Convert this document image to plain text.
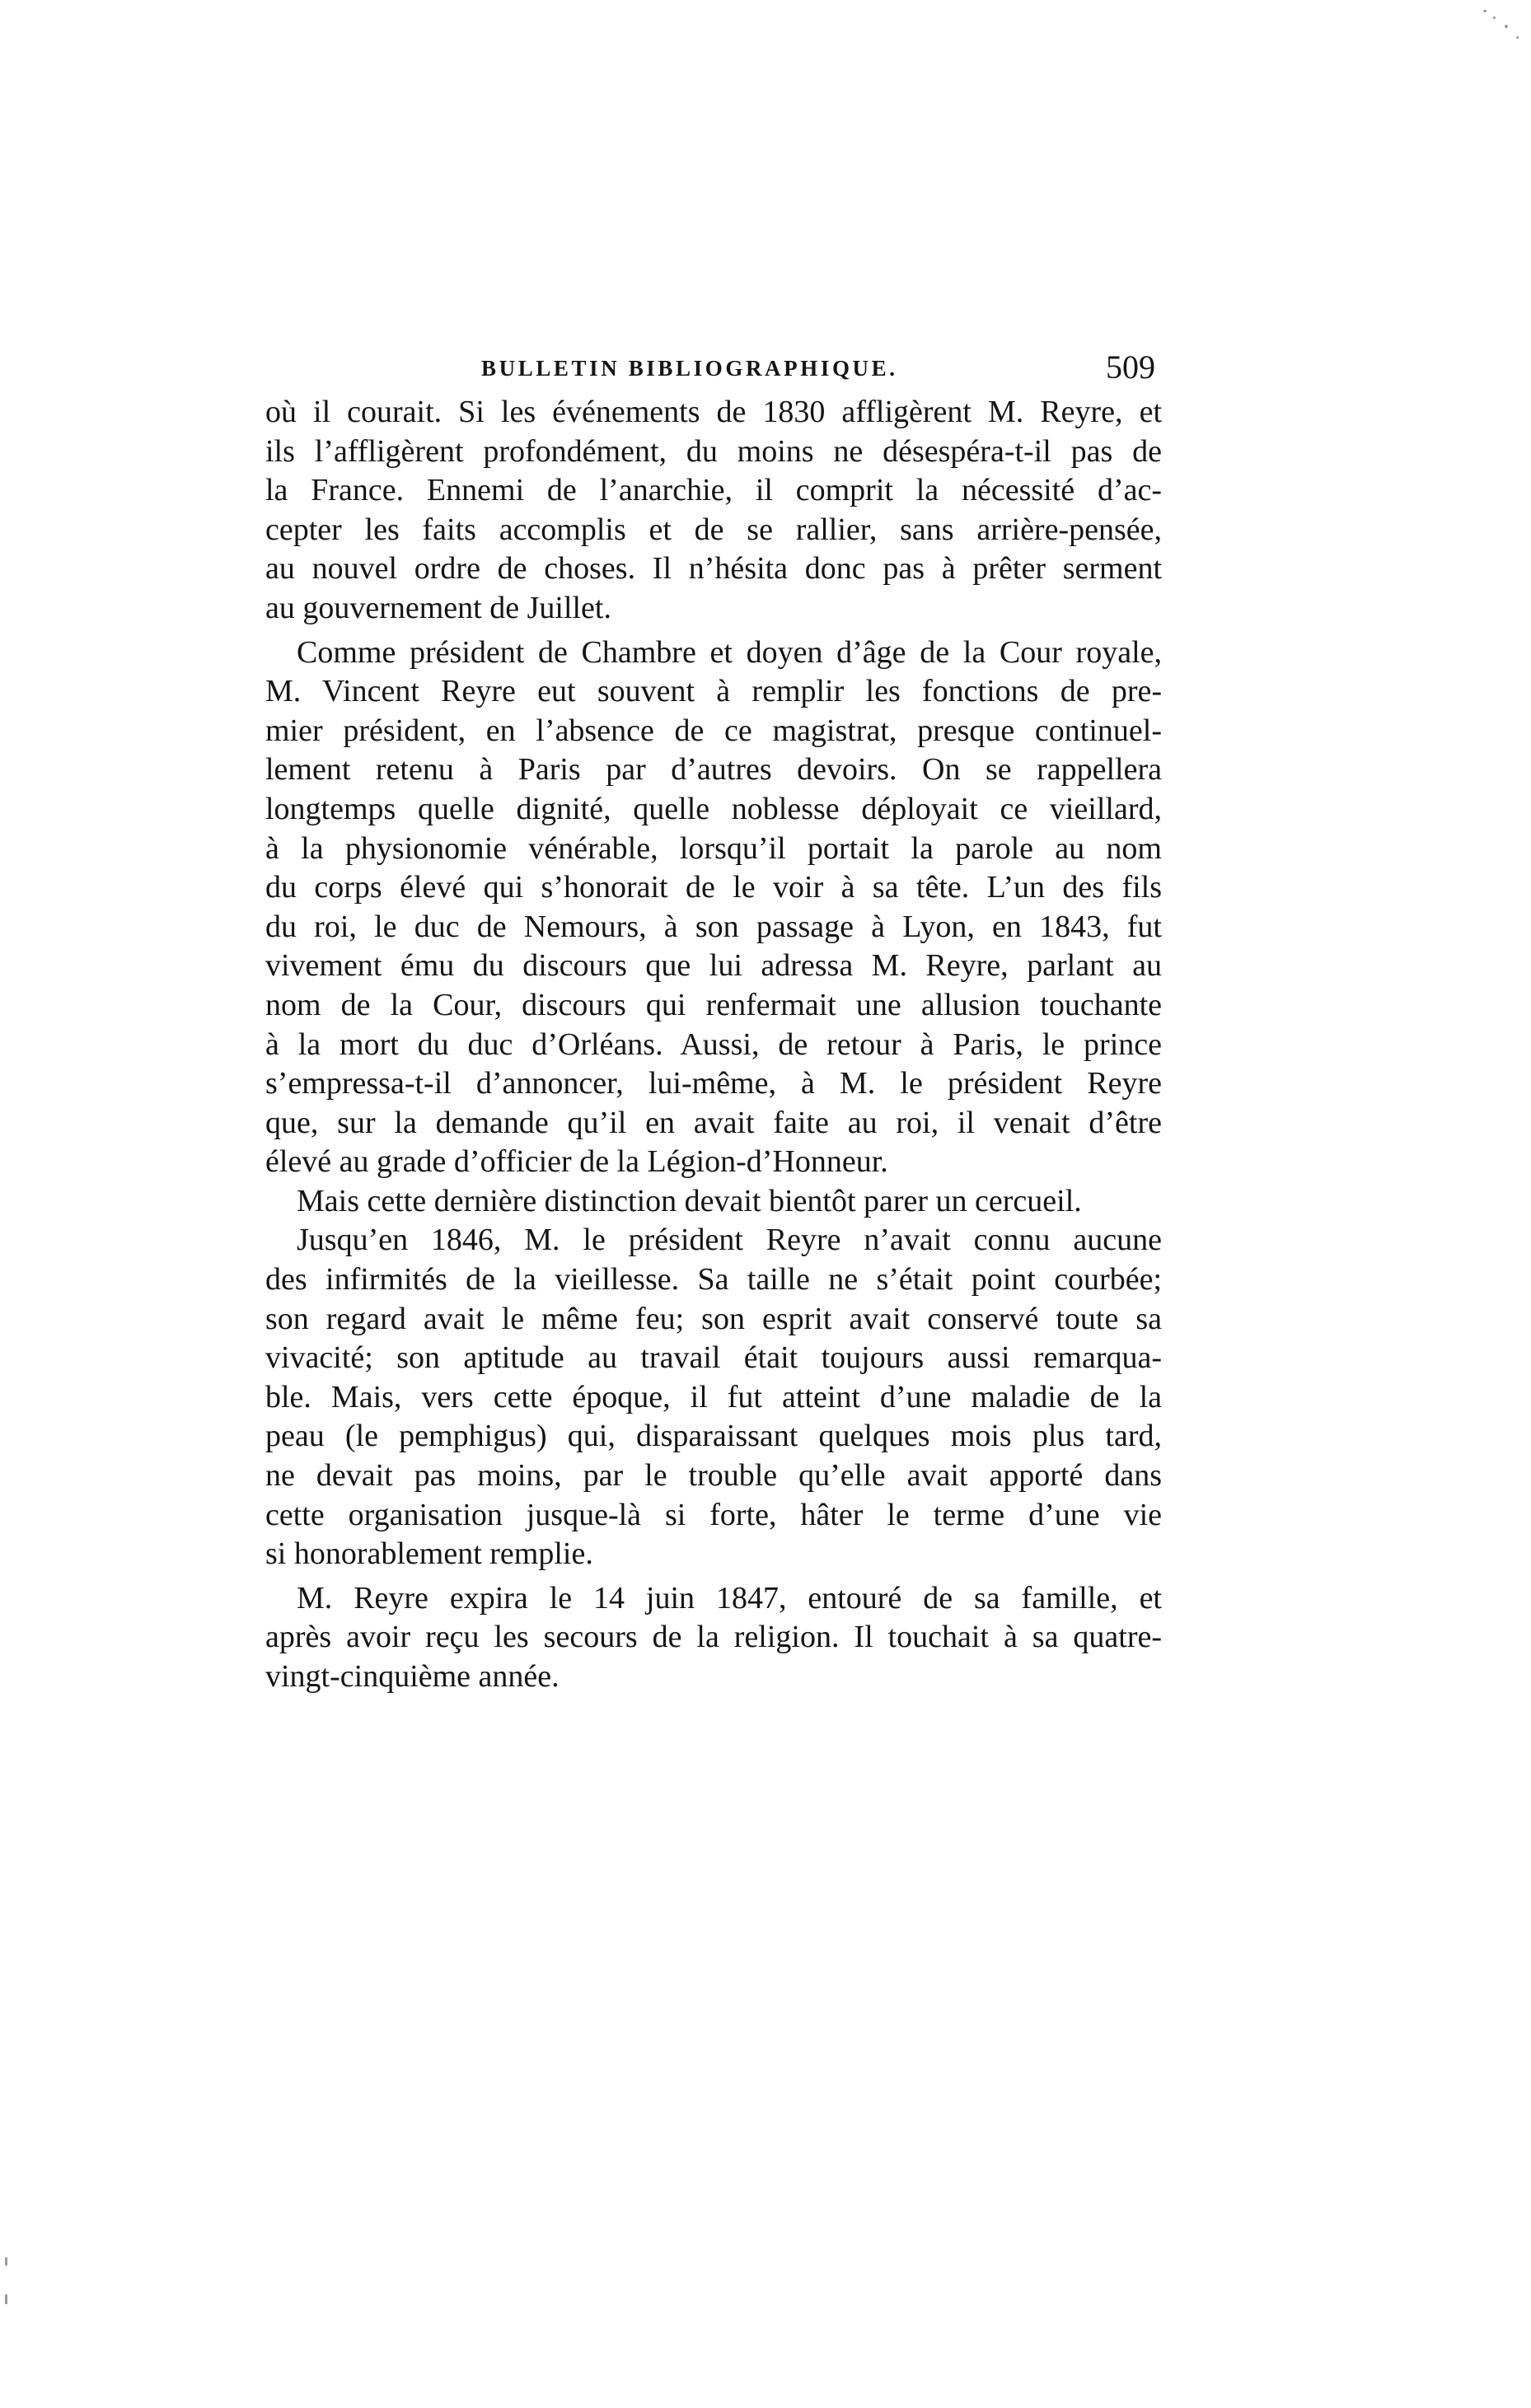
BULLETIN BIBLIOGRAPHIQUE.	509
où il courait. Si les événements de 1830 affligèrent M. Reyre, et
ils l’affligèrent profondément, du moins ne désespéra-t-il pas de
la France. Ennemi de l’anarchie, il comprit la nécessité d’ac-
cepter les faits accomplis et de se rallier, sans arrière-pensée,
au nouvel ordre de choses. Il n’hésita donc pas à prêter serment
au gouvernement de Juillet.
Comme président de Chambre et doyen d’âge de la Cour royale,
M. Vincent Reyre eut souvent à remplir les fonctions de pre-
mier président, en l’absence de ce magistrat, presque continuel-
lement retenu à Paris par d’autres devoirs. On se rappellera
longtemps quelle dignité, quelle noblesse déployait ce vieillard,
à la physionomie vénérable, lorsqu’il portait la parole au nom
du corps élevé qui s’honorait de le voir à sa tête. L’un des fils
du roi, le duc de Nemours, à son passage à Lyon, en 1843, fut
vivement ému du discours que lui adressa M. Reyre, parlant au
nom de la Cour, discours qui renfermait une allusion touchante
à la mort du duc d’Orléans. Aussi, de retour à Paris, le prince
s’empressa-t-il d’annoncer, lui-même, à M. le président Reyre
que, sur la demande qu’il en avait faite au roi, il venait d’être
élevé au grade d’officier de la Légion-d’Honneur.
Mais cette dernière distinction devait bientôt parer un cercueil.
Jusqu’en 1846, M. le président Reyre n’avait connu aucune
des infirmités de la vieillesse. Sa taille ne s’était point courbée;
son regard avait le même feu; son esprit avait conservé toute sa
vivacité; son aptitude au travail était toujours aussi remarqua-
ble. Mais, vers cette époque, il fut atteint d’une maladie de la
peau (le pemphigus) qui, disparaissant quelques mois plus tard,
ne devait pas moins, par le trouble qu’elle avait apporté dans
cette organisation jusque-là si forte, hâter le terme d’une vie
si honorablement remplie.
M. Reyre expira le 14 juin 1847, entouré de sa famille, et
après avoir reçu les secours de la religion. Il touchait à sa quatre-
vingt-cinquième année.
